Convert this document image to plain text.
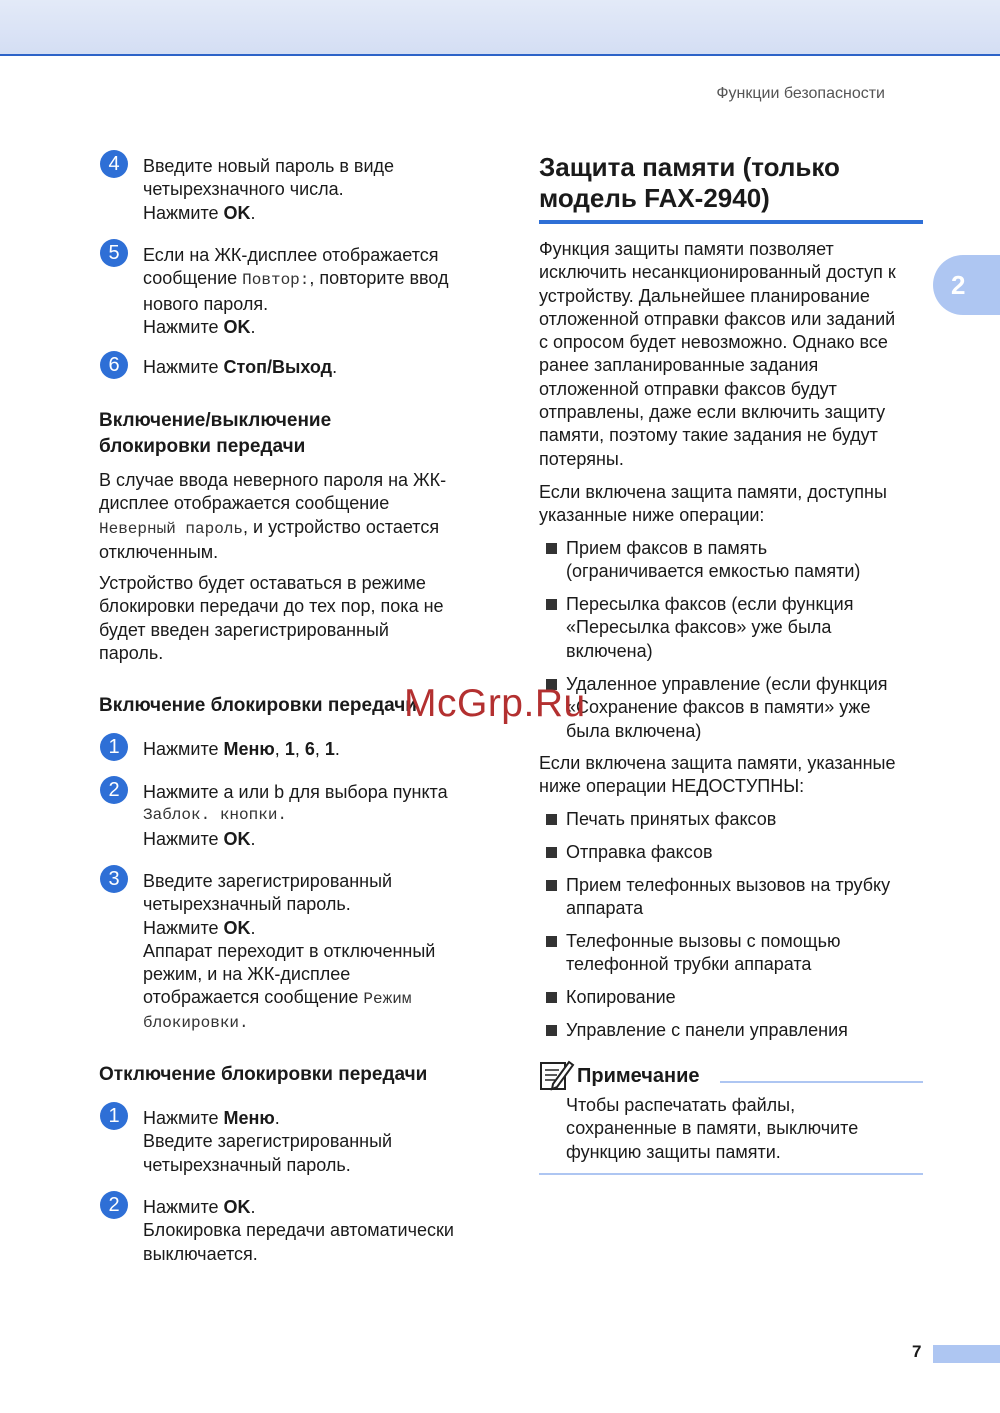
Функции безопасности
2
4	Введите новый пароль в виде
четырехзначного числа.
Нажмите OK.
5	Если на ЖК-дисплее отображается
сообщение Повтор:, повторите ввод
нового пароля.
Нажмите OK.
6	Нажмите Стоп/Выход.
Включение/выключение
блокировки передачи
В случае ввода неверного пароля на ЖК-
дисплее отображается сообщение
Неверный пароль, и устройство остается
отключенным.
Устройство будет оставаться в режиме
блокировки передачи до тех пор, пока не
будет введен зарегистрированный
пароль.
Включение блокировки передачи
1	Нажмите Меню, 1, 6, 1.
2	Нажмите a или b для выбора пункта
Заблок. кнопки.
Нажмите OK.
3	Введите зарегистрированный
четырехзначный пароль.
Нажмите OK.
Аппарат переходит в отключенный
режим, и на ЖК-дисплее
отображается сообщение Режим
блокировки.
Отключение блокировки передачи
1	Нажмите Меню.
Введите зарегистрированный
четырехзначный пароль.
2	Нажмите OK.
Блокировка передачи автоматически
выключается.
Защита памяти (только
модель FAX-2940)
Функция защиты памяти позволяет
исключить несанкционированный доступ к
устройству. Дальнейшее планирование
отложенной отправки факсов или заданий
с опросом будет невозможно. Однако все
ранее запланированные задания
отложенной отправки факсов будут
отправлены, даже если включить защиту
памяти, поэтому такие задания не будут
потеряны.
Если включена защита памяти, доступны
указанные ниже операции:
Прием факсов в память
(ограничивается емкостью памяти)
Пересылка факсов (если функция
«Пересылка факсов» уже была
включена)
Удаленное управление (если функция
«Сохранение факсов в памяти» уже
была включена)
Если включена защита памяти, указанные
ниже операции НЕДОСТУПНЫ:
Печать принятых факсов
Отправка факсов
Прием телефонных вызовов на трубку
аппарата
Телефонные вызовы с помощью
телефонной трубки аппарата
Копирование
Управление с панели управления
Примечание
Чтобы распечатать файлы,
сохраненные в памяти, выключите
функцию защиты памяти.
McGrp.Ru
7
